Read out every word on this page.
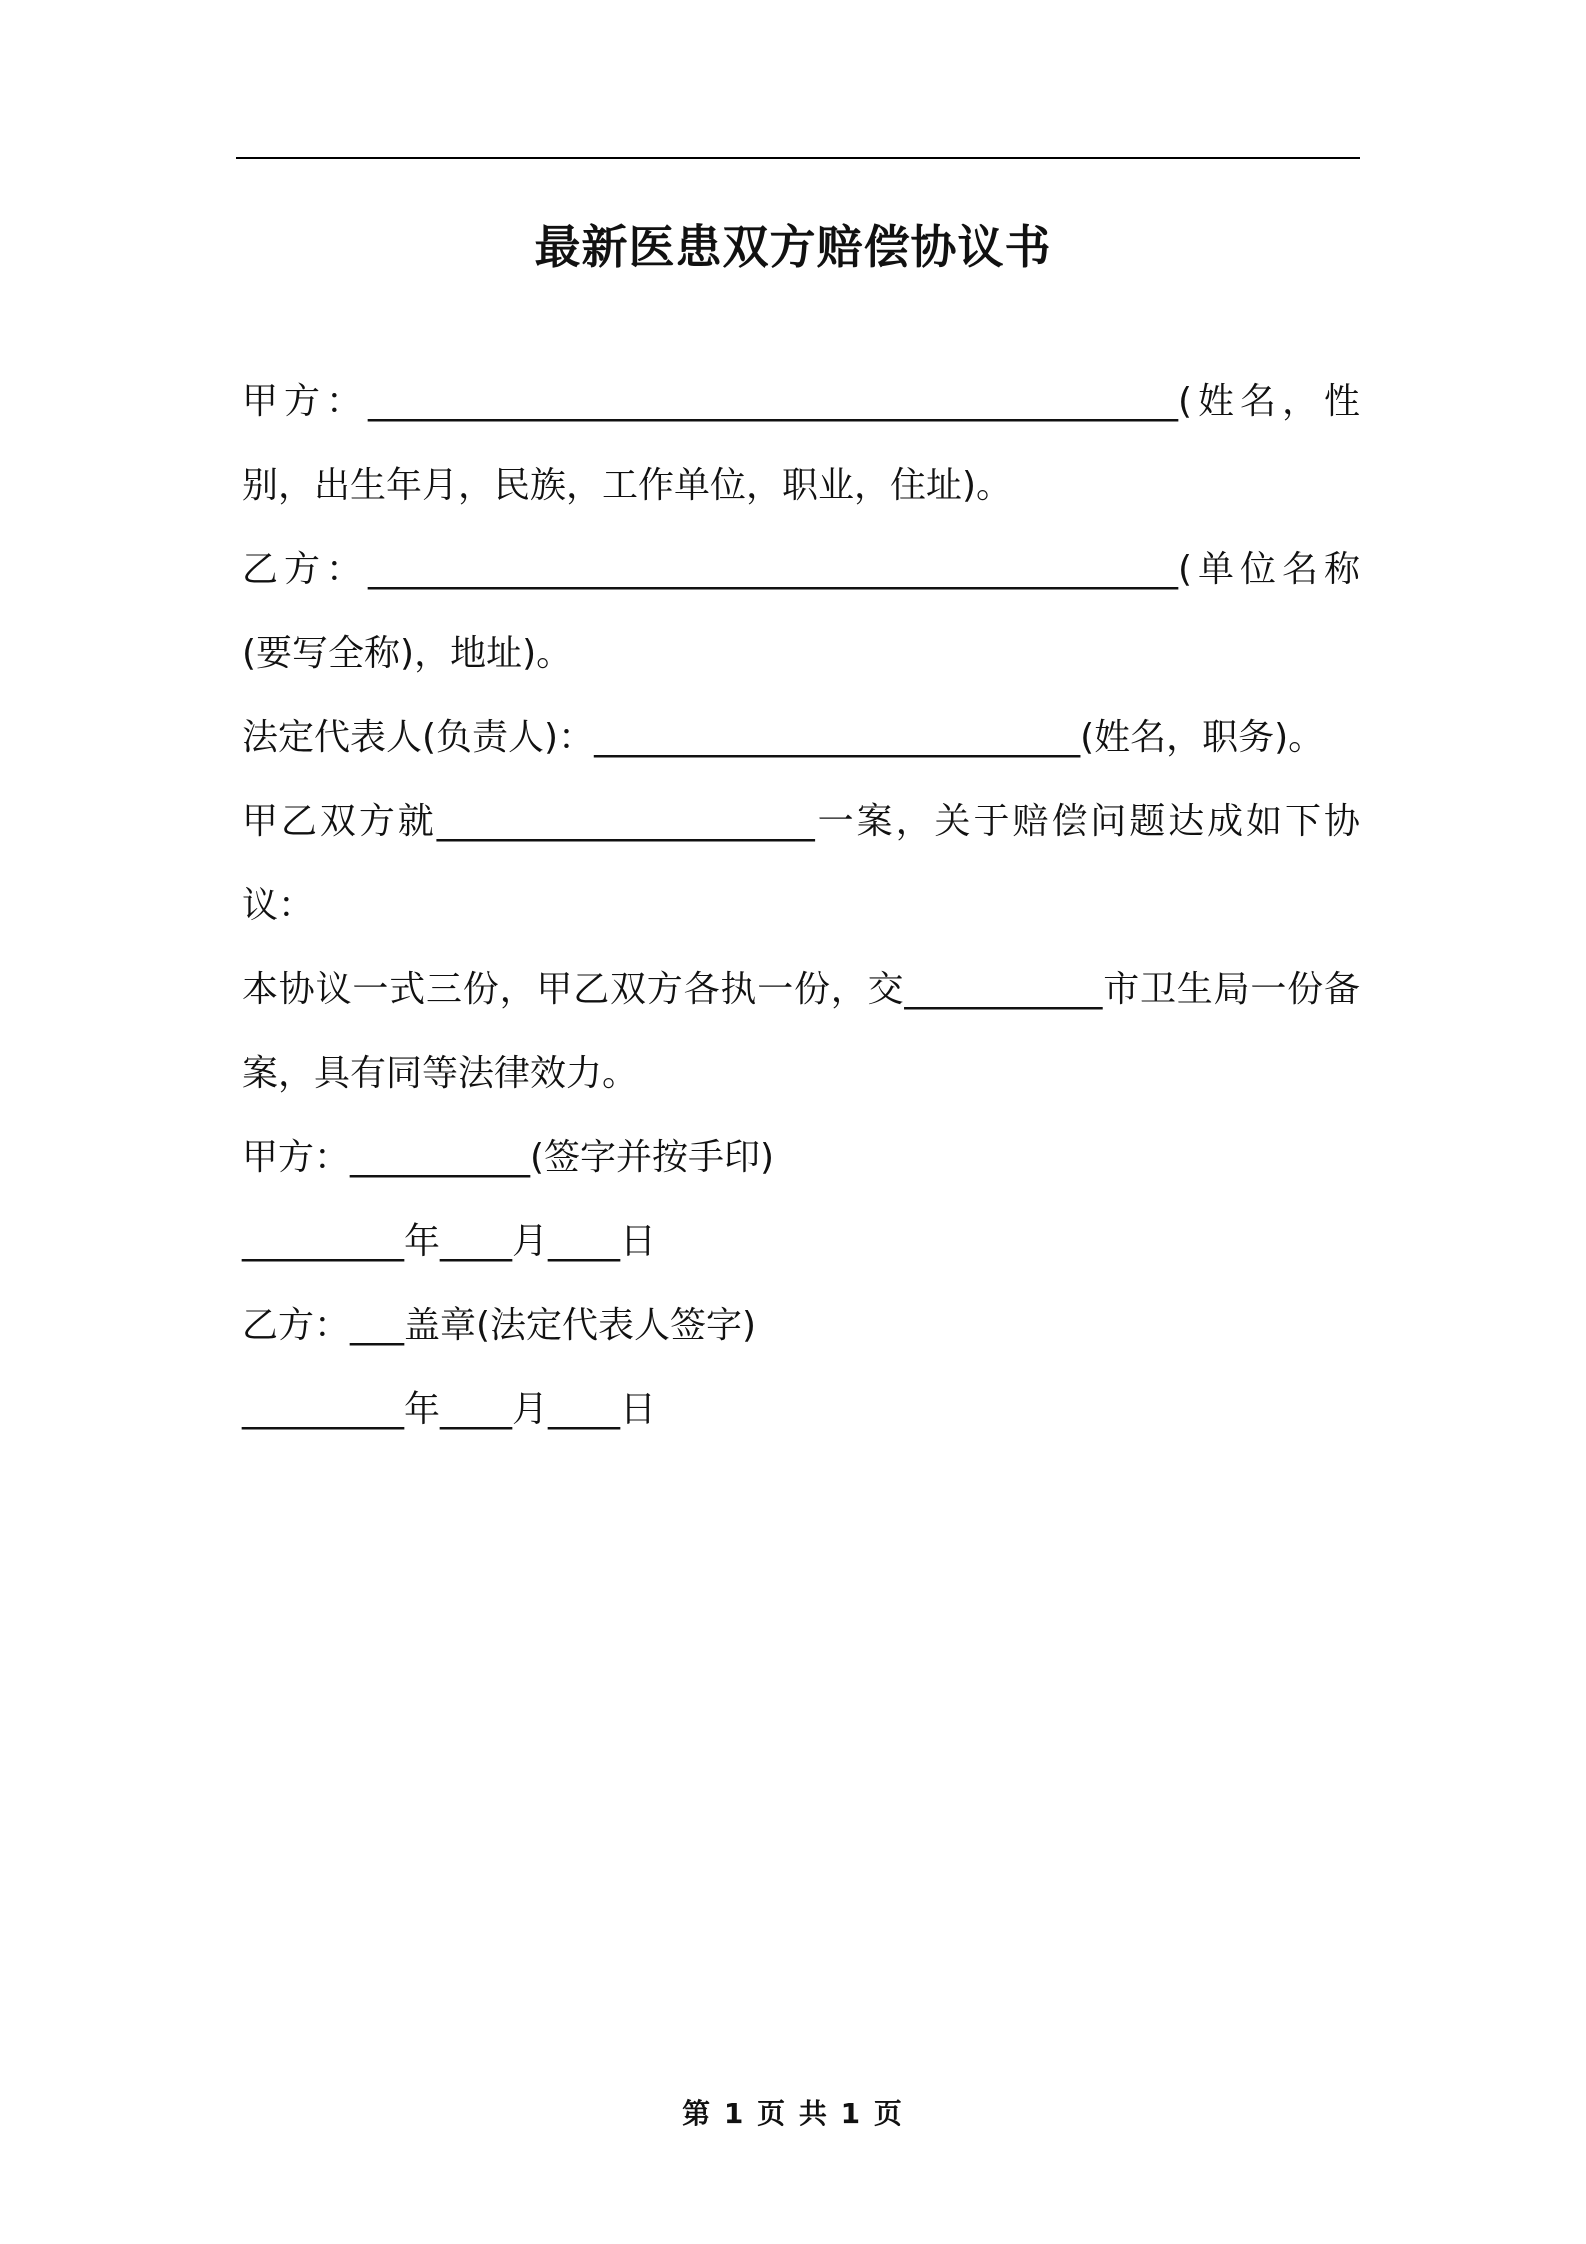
最新医患双方赔偿协议书

甲方：_____________________________________________(姓名，性别，出生年月，民族，工作单位，职业，住址)。

乙方：_____________________________________________(单位名称(要写全称)，地址)。

法定代表人(负责人)：___________________________(姓名，职务)。

甲乙双方就_____________________一案，关于赔偿问题达成如下协议：

本协议一式三份，甲乙双方各执一份，交___________市卫生局一份备案，具有同等法律效力。

甲方：__________(签字并按手印)

_________年____月____日

乙方：___盖章(法定代表人签字)

_________年____月____日

第 1 页 共 1 页
